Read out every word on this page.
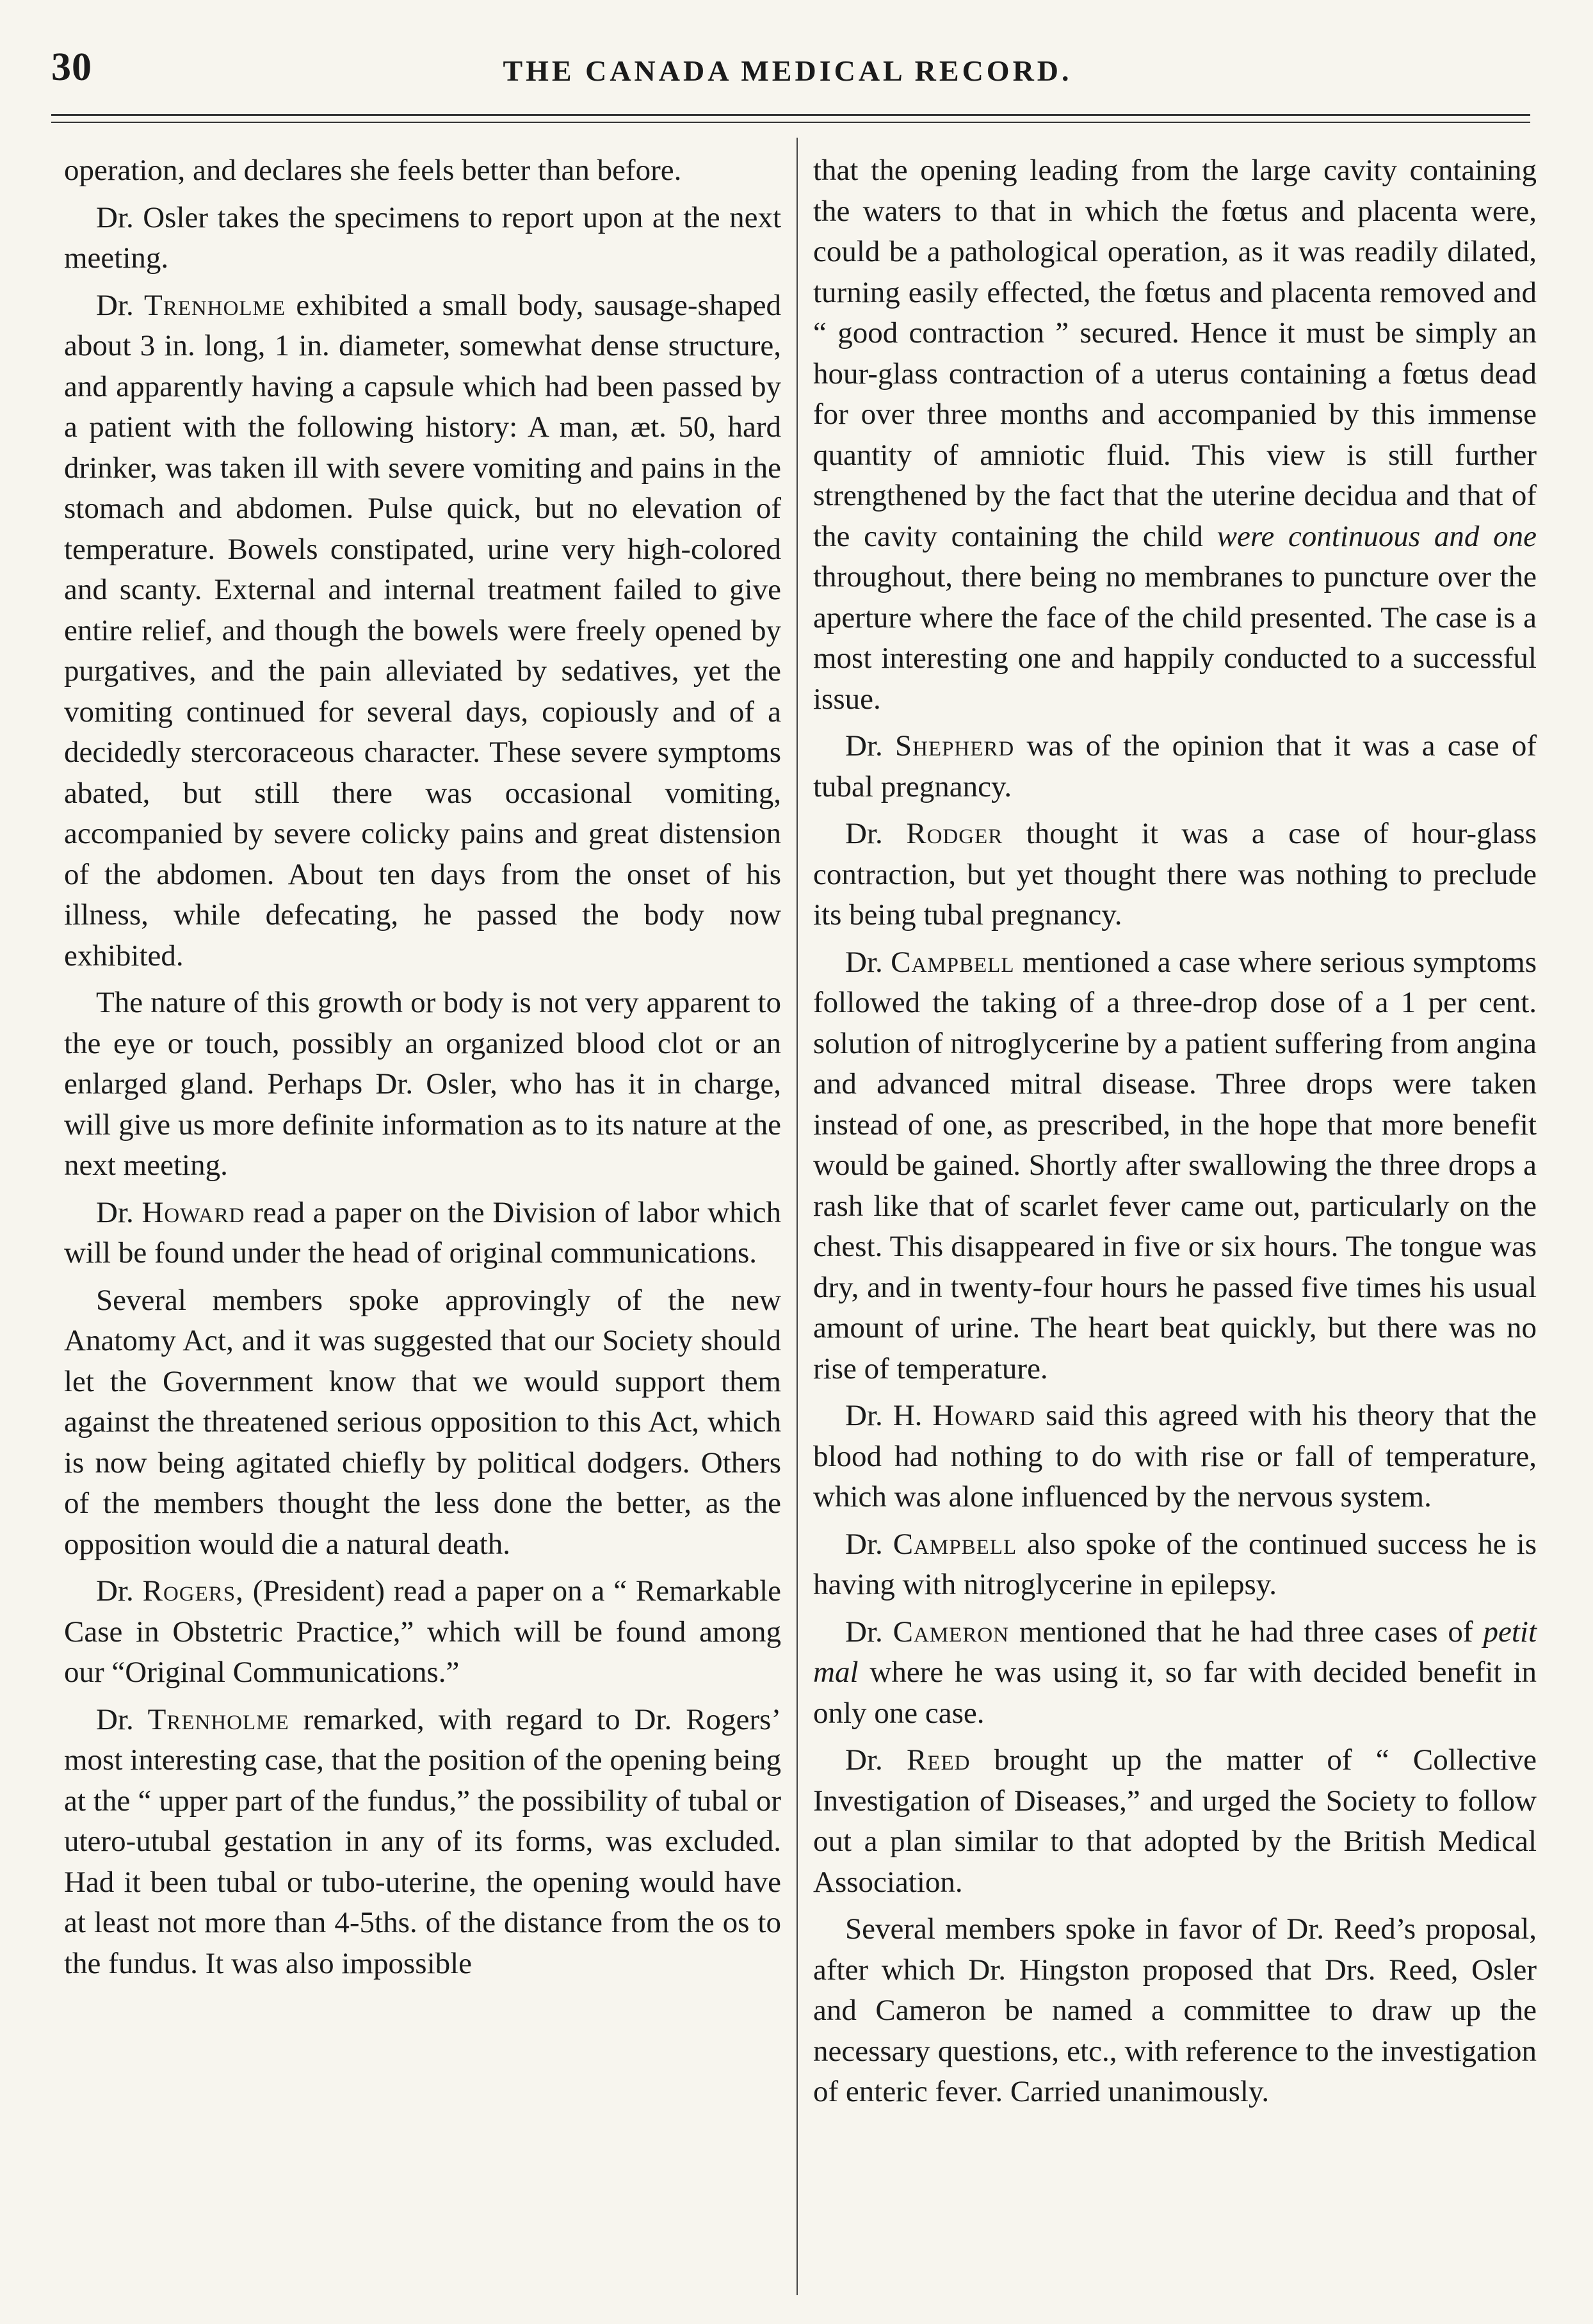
30	THE CANADA MEDICAL RECORD.

operation, and declares she feels better than before.

Dr. Osler takes the specimens to report upon at the next meeting.

Dr. Trenholme exhibited a small body, sausage-shaped about 3 in. long, 1 in. diameter, somewhat dense structure, and apparently having a capsule which had been passed by a patient with the following history: A man, æt. 50, hard drinker, was taken ill with severe vomiting and pains in the stomach and abdomen. Pulse quick, but no elevation of temperature. Bowels constipated, urine very high-colored and scanty. External and internal treatment failed to give entire relief, and though the bowels were freely opened by purgatives, and the pain alleviated by sedatives, yet the vomiting continued for several days, copiously and of a decidedly stercoraceous character. These severe symptoms abated, but still there was occasional vomiting, accompanied by severe colicky pains and great distension of the abdomen. About ten days from the onset of his illness, while defecating, he passed the body now exhibited.

The nature of this growth or body is not very apparent to the eye or touch, possibly an organized blood clot or an enlarged gland. Perhaps Dr. Osler, who has it in charge, will give us more definite information as to its nature at the next meeting.

Dr. Howard read a paper on the Division of labor which will be found under the head of original communications.

Several members spoke approvingly of the new Anatomy Act, and it was suggested that our Society should let the Government know that we would support them against the threatened serious opposition to this Act, which is now being agitated chiefly by political dodgers. Others of the members thought the less done the better, as the opposition would die a natural death.

Dr. Rogers, (President) read a paper on a “ Remarkable Case in Obstetric Practice,” which will be found among our “Original Communications.”

Dr. Trenholme remarked, with regard to Dr. Rogers’ most interesting case, that the position of the opening being at the “ upper part of the fundus,” the possibility of tubal or utero-utubal gestation in any of its forms, was excluded. Had it been tubal or tubo-uterine, the opening would have at least not more than 4-5ths. of the distance from the os to the fundus. It was also impossible

that the opening leading from the large cavity containing the waters to that in which the fœtus and placenta were, could be a pathological operation, as it was readily dilated, turning easily effected, the fœtus and placenta removed and “ good contraction ” secured. Hence it must be simply an hour-glass contraction of a uterus containing a fœtus dead for over three months and accompanied by this immense quantity of amniotic fluid. This view is still further strengthened by the fact that the uterine decidua and that of the cavity containing the child were continuous and one throughout, there being no membranes to puncture over the aperture where the face of the child presented. The case is a most interesting one and happily conducted to a successful issue.

Dr. Shepherd was of the opinion that it was a case of tubal pregnancy.

Dr. Rodger thought it was a case of hour-glass contraction, but yet thought there was nothing to preclude its being tubal pregnancy.

Dr. Campbell mentioned a case where serious symptoms followed the taking of a three-drop dose of a 1 per cent. solution of nitroglycerine by a patient suffering from angina and advanced mitral disease. Three drops were taken instead of one, as prescribed, in the hope that more benefit would be gained. Shortly after swallowing the three drops a rash like that of scarlet fever came out, particularly on the chest. This disappeared in five or six hours. The tongue was dry, and in twenty-four hours he passed five times his usual amount of urine. The heart beat quickly, but there was no rise of temperature.

Dr. H. Howard said this agreed with his theory that the blood had nothing to do with rise or fall of temperature, which was alone influenced by the nervous system.

Dr. Campbell also spoke of the continued success he is having with nitroglycerine in epilepsy.

Dr. Cameron mentioned that he had three cases of petit mal where he was using it, so far with decided benefit in only one case.

Dr. Reed brought up the matter of “ Collective Investigation of Diseases,” and urged the Society to follow out a plan similar to that adopted by the British Medical Association.

Several members spoke in favor of Dr. Reed’s proposal, after which Dr. Hingston proposed that Drs. Reed, Osler and Cameron be named a committee to draw up the necessary questions, etc., with reference to the investigation of enteric fever. Carried unanimously.
